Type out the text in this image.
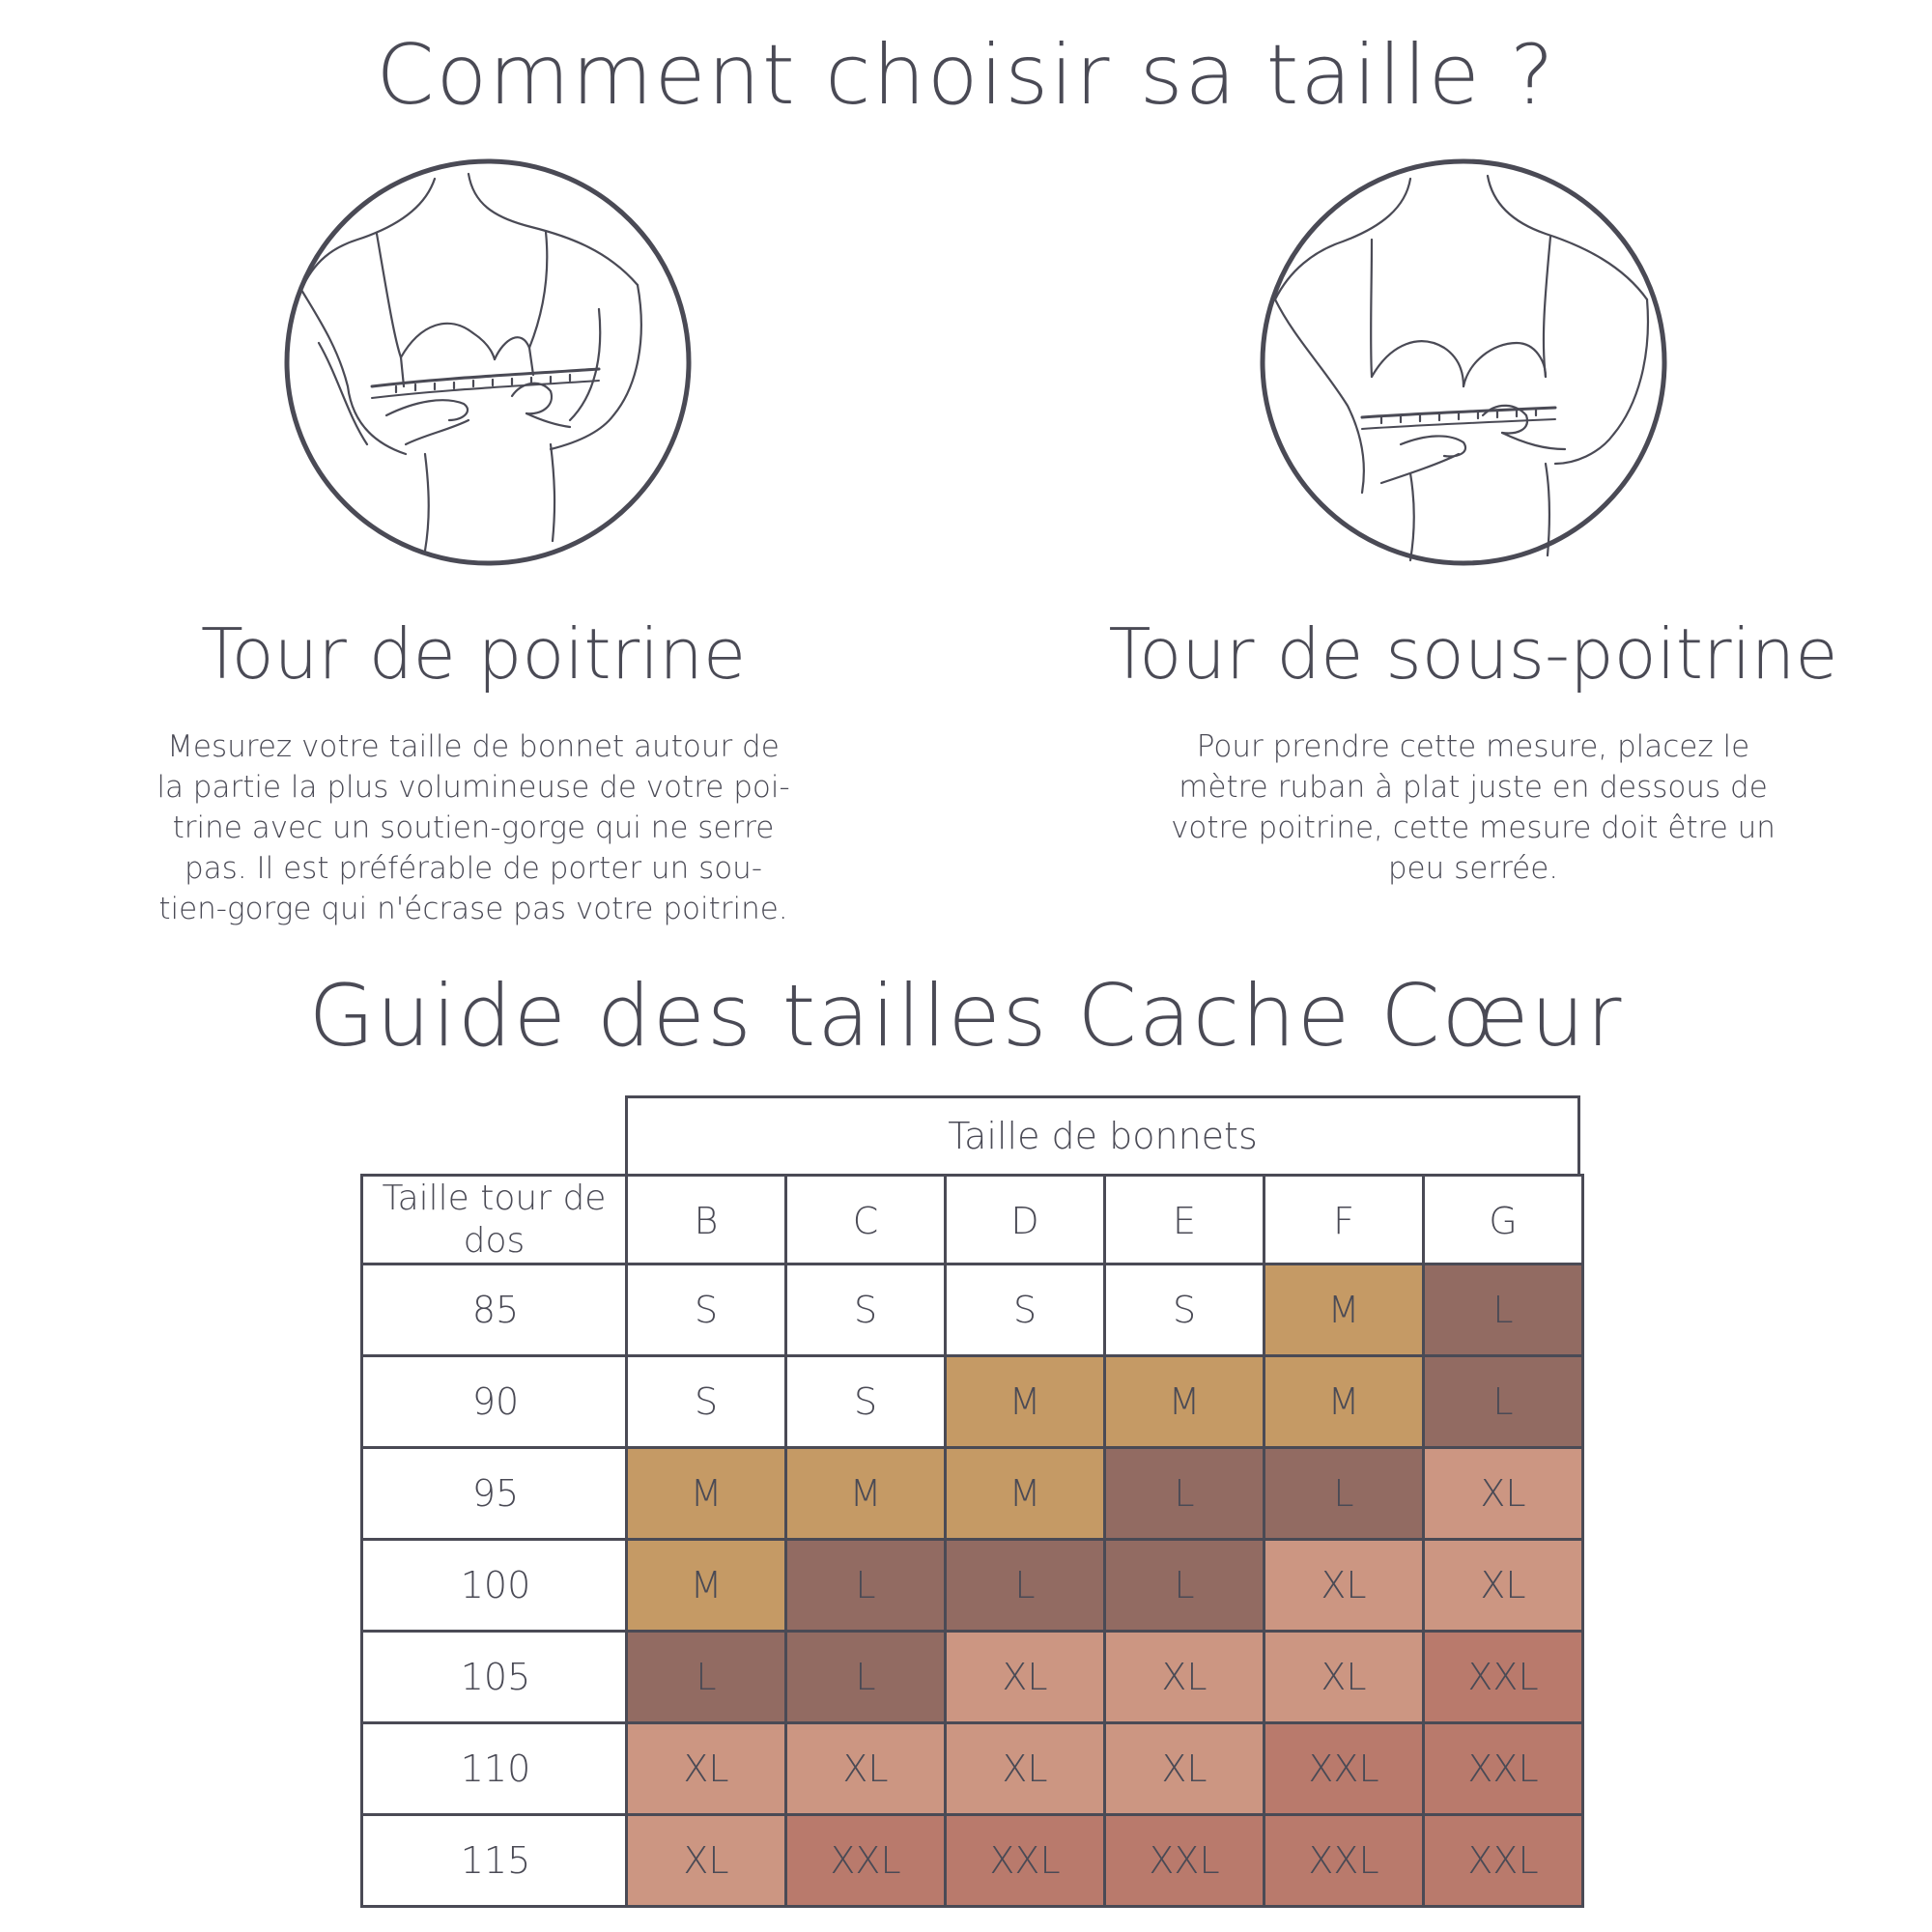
Comment choisir sa taille ?
Tour de poitrine
Mesurez votre taille de bonnet autour de
la partie la plus volumineuse de votre poi-
trine avec un soutien-gorge qui ne serre
pas. Il est préférable de porter un sou-
tien-gorge qui n'écrase pas votre poitrine.
Tour de sous-poitrine
Pour prendre cette mesure, placez le
mètre ruban à plat juste en dessous de
votre poitrine, cette mesure doit être un
peu serrée.
Guide des tailles Cache Cœur
Taille de bonnets
Taille tour de dos	B	C	D	E	F	G
85	S	S	S	S	M	L
90	S	S	M	M	M	L
95	M	M	M	L	L	XL
100	M	L	L	L	XL	XL
105	L	L	XL	XL	XL	XXL
110	XL	XL	XL	XL	XXL	XXL
115	XL	XXL	XXL	XXL	XXL	XXL
